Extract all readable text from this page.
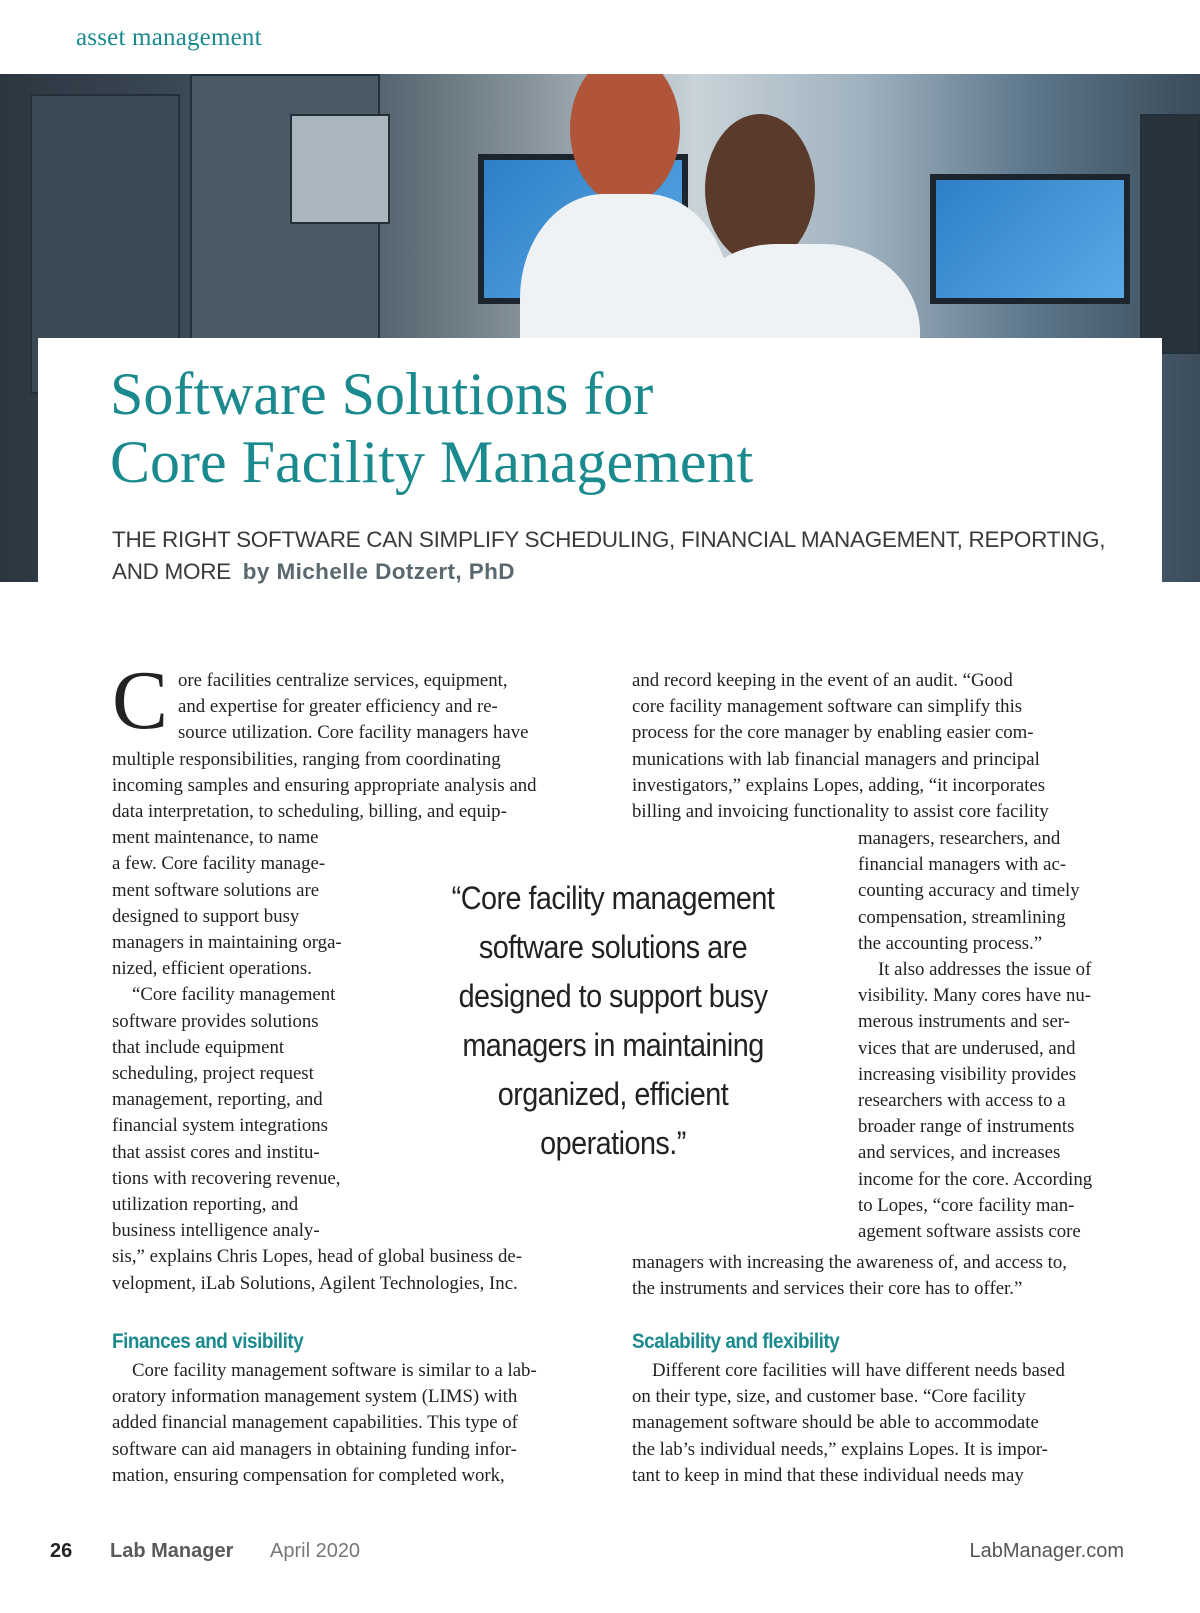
asset management
Software Solutions for
Core Facility Management
THE RIGHT SOFTWARE CAN SIMPLIFY SCHEDULING, FINANCIAL MANAGEMENT, REPORTING, AND MORE by Michelle Dotzert, PhD
C ore facilities centralize services, equipment,
and expertise for greater efficiency and re-
source utilization. Core facility managers have
multiple responsibilities, ranging from coordinating
incoming samples and ensuring appropriate analysis and
data interpretation, to scheduling, billing, and equip-
ment maintenance, to name
a few. Core facility manage-
ment software solutions are
designed to support busy
managers in maintaining orga-
nized, efficient operations.
“Core facility management
software provides solutions
that include equipment
scheduling, project request
management, reporting, and
financial system integrations
that assist cores and institu-
tions with recovering revenue,
utilization reporting, and
business intelligence analy-
sis,” explains Chris Lopes, head of global business de-
velopment, iLab Solutions, Agilent Technologies, Inc.
Finances and visibility
Core facility management software is similar to a lab-
oratory information management system (LIMS) with
added financial management capabilities. This type of
software can aid managers in obtaining funding infor-
mation, ensuring compensation for completed work,
“Core facility management
software solutions are
designed to support busy
managers in maintaining
organized, efficient
operations.”
and record keeping in the event of an audit. “Good
core facility management software can simplify this
process for the core manager by enabling easier com-
munications with lab financial managers and principal
investigators,” explains Lopes, adding, “it incorporates
billing and invoicing functionality to assist core facility
managers, researchers, and
financial managers with ac-
counting accuracy and timely
compensation, streamlining
the accounting process.”
It also addresses the issue of
visibility. Many cores have nu-
merous instruments and ser-
vices that are underused, and
increasing visibility provides
researchers with access to a
broader range of instruments
and services, and increases
income for the core. According
to Lopes, “core facility man-
agement software assists core
managers with increasing the awareness of, and access to,
the instruments and services their core has to offer.”
Scalability and flexibility
Different core facilities will have different needs based
on their type, size, and customer base. “Core facility
management software should be able to accommodate
the lab’s individual needs,” explains Lopes. It is impor-
tant to keep in mind that these individual needs may
26 Lab Manager April 2020	LabManager.com
